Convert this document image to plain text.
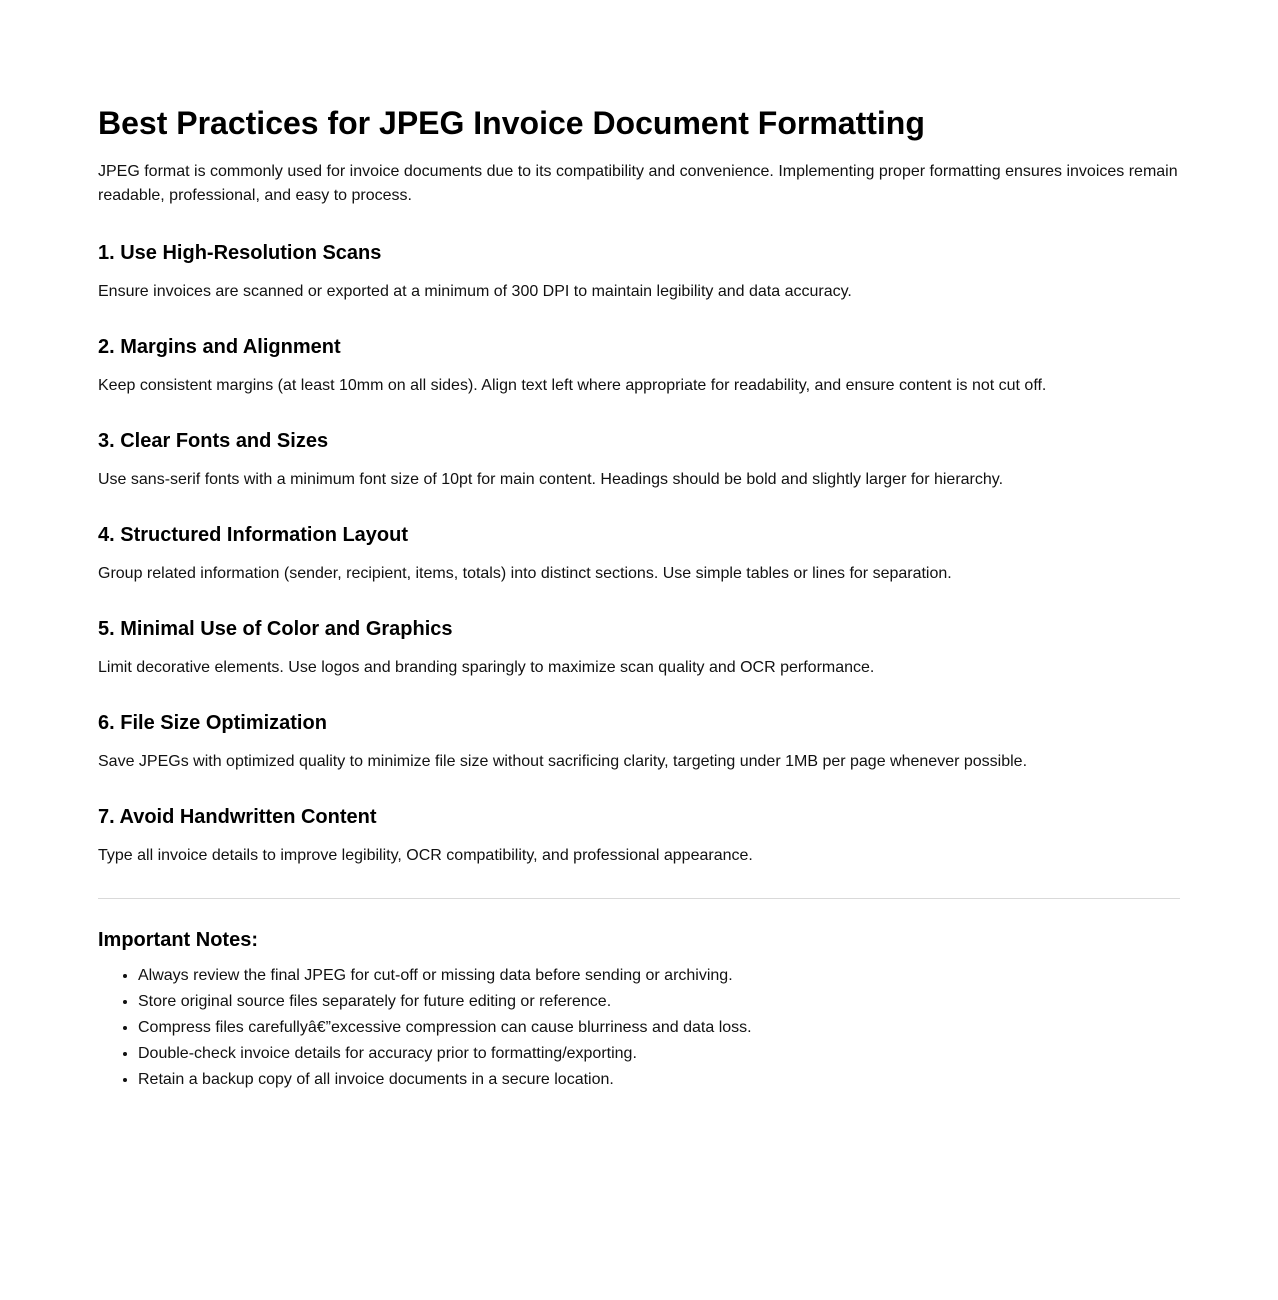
Best Practices for JPEG Invoice Document Formatting

JPEG format is commonly used for invoice documents due to its compatibility and convenience. Implementing proper formatting ensures invoices remain readable, professional, and easy to process.

1. Use High-Resolution Scans

Ensure invoices are scanned or exported at a minimum of 300 DPI to maintain legibility and data accuracy.

2. Margins and Alignment

Keep consistent margins (at least 10mm on all sides). Align text left where appropriate for readability, and ensure content is not cut off.

3. Clear Fonts and Sizes

Use sans-serif fonts with a minimum font size of 10pt for main content. Headings should be bold and slightly larger for hierarchy.

4. Structured Information Layout

Group related information (sender, recipient, items, totals) into distinct sections. Use simple tables or lines for separation.

5. Minimal Use of Color and Graphics

Limit decorative elements. Use logos and branding sparingly to maximize scan quality and OCR performance.

6. File Size Optimization

Save JPEGs with optimized quality to minimize file size without sacrificing clarity, targeting under 1MB per page whenever possible.

7. Avoid Handwritten Content

Type all invoice details to improve legibility, OCR compatibility, and professional appearance.

Important Notes:
• Always review the final JPEG for cut-off or missing data before sending or archiving.
• Store original source files separately for future editing or reference.
• Compress files carefullyâ€”excessive compression can cause blurriness and data loss.
• Double-check invoice details for accuracy prior to formatting/exporting.
• Retain a backup copy of all invoice documents in a secure location.
